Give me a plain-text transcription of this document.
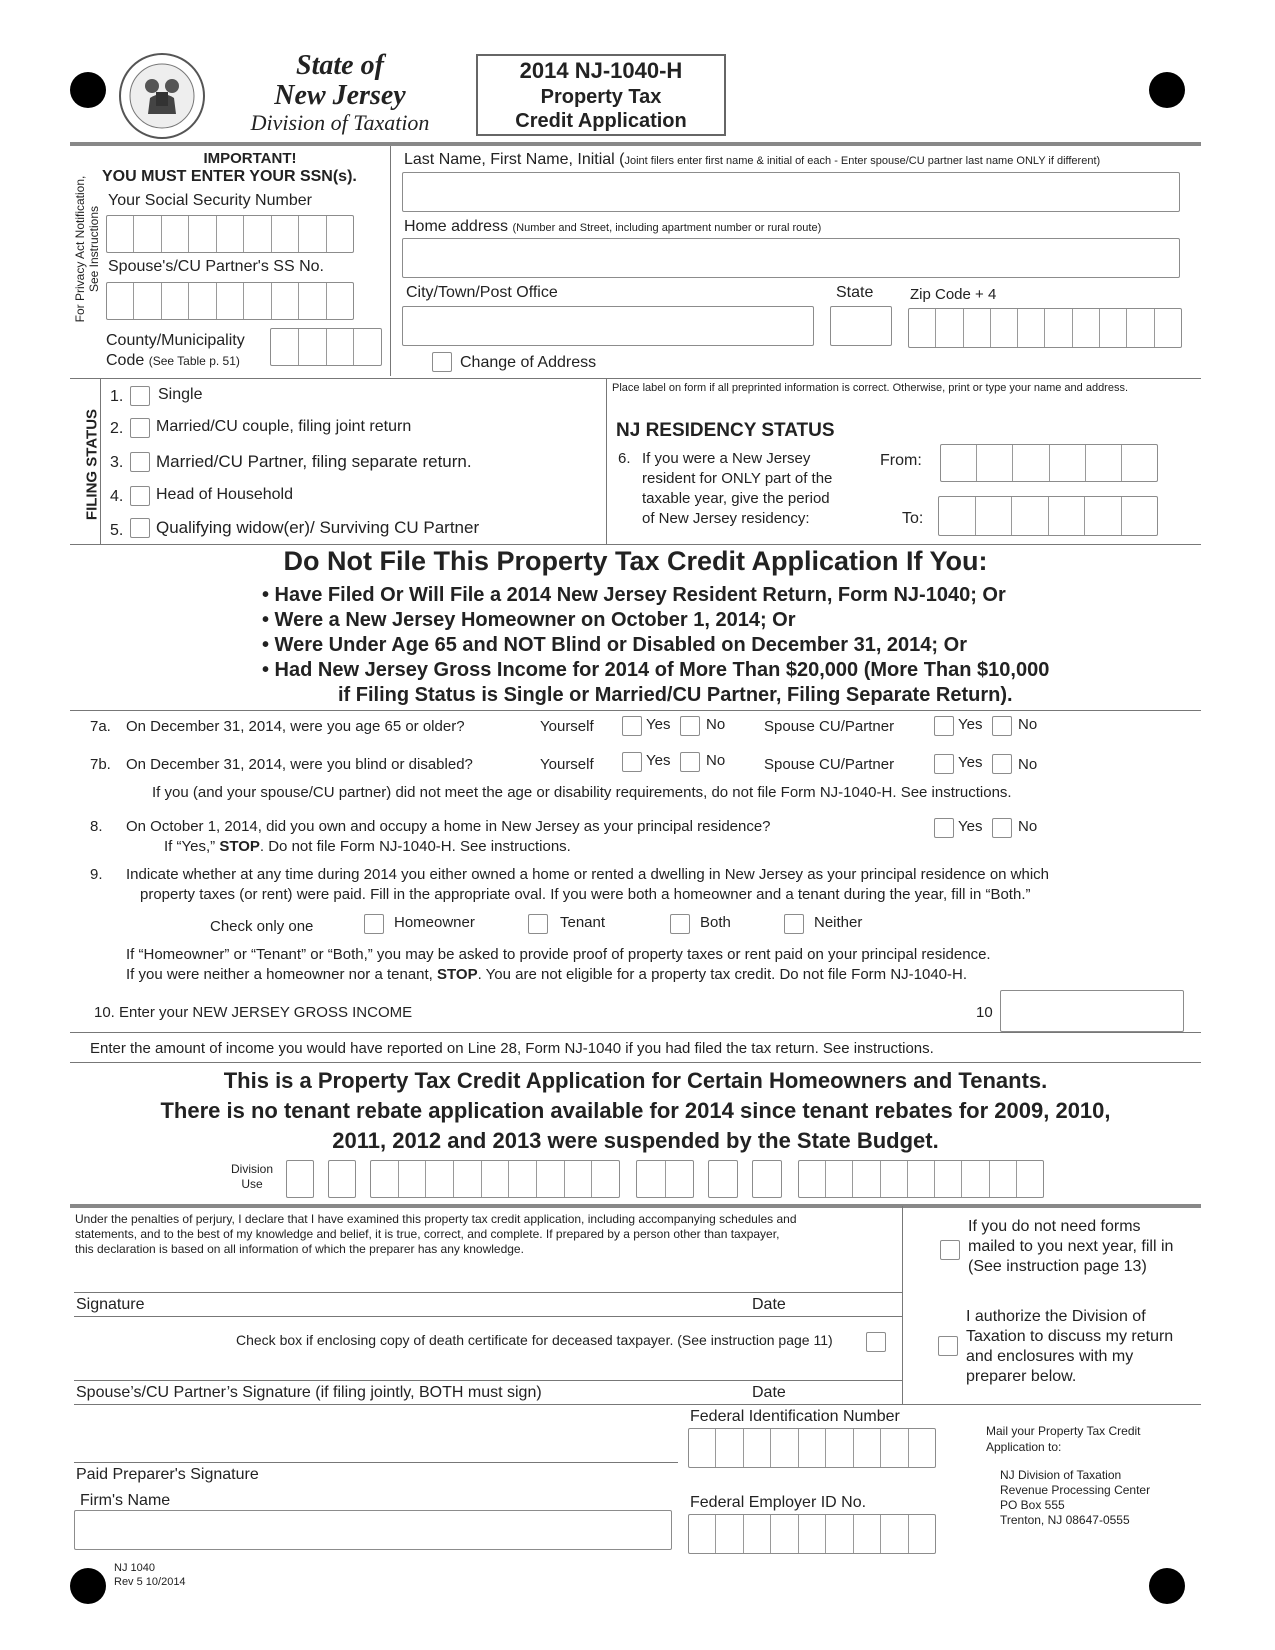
State of
New Jersey
Division of Taxation
2014 NJ-1040-H
Property Tax
Credit Application
For Privacy Act Notification, See Instructions
IMPORTANT!
YOU MUST ENTER YOUR SSN(s).
Your Social Security Number
Spouse's/CU Partner's SS No.
County/Municipality
Code (See Table p. 51)
Last Name, First Name, Initial (Joint filers enter first name & initial of each - Enter spouse/CU partner last name ONLY if different)
Home address (Number and Street, including apartment number or rural route)
City/Town/Post Office	State Zip Code + 4
Change of Address
Place label on form if all preprinted information is correct. Otherwise, print or type your name and address.
FILING STATUS
1. Single
2. Married/CU couple, filing joint return
3. Married/CU Partner, filing separate return.
4. Head of Household
5. Qualifying widow(er)/ Surviving CU Partner
NJ RESIDENCY STATUS
6. If you were a New Jersey
resident for ONLY part of the
taxable year, give the period
of New Jersey residency:
From:
To:
Do Not File This Property Tax Credit Application If You:
• Have Filed Or Will File a 2014 New Jersey Resident Return, Form NJ-1040; Or
• Were a New Jersey Homeowner on October 1, 2014; Or
• Were Under Age 65 and NOT Blind or Disabled on December 31, 2014; Or
• Had New Jersey Gross Income for 2014 of More Than $20,000 (More Than $10,000
if Filing Status is Single or Married/CU Partner, Filing Separate Return).
7a. On December 31, 2014, were you age 65 or older?	Yourself	Yes No	Spouse CU/Partner	Yes No
7b. On December 31, 2014, were you blind or disabled?	Yourself	Yes No	Spouse CU/Partner	Yes No
If you (and your spouse/CU partner) did not meet the age or disability requirements, do not file Form NJ-1040-H. See instructions.
8. On October 1, 2014, did you own and occupy a home in New Jersey as your principal residence?
If “Yes,” STOP. Do not file Form NJ-1040-H. See instructions.
Yes No
9. Indicate whether at any time during 2014 you either owned a home or rented a dwelling in New Jersey as your principal residence on which
property taxes (or rent) were paid. Fill in the appropriate oval. If you were both a homeowner and a tenant during the year, fill in “Both.”
Check only one	Homeowner	Tenant	Both	Neither
If “Homeowner” or “Tenant” or “Both,” you may be asked to provide proof of property taxes or rent paid on your principal residence.
If you were neither a homeowner nor a tenant, STOP. You are not eligible for a property tax credit. Do not file Form NJ-1040-H.
10. Enter your NEW JERSEY GROSS INCOME	10
Enter the amount of income you would have reported on Line 28, Form NJ-1040 if you had filed the tax return. See instructions.
This is a Property Tax Credit Application for Certain Homeowners and Tenants.
There is no tenant rebate application available for 2014 since tenant rebates for 2009, 2010,
2011, 2012 and 2013 were suspended by the State Budget.
Division
Use
Under the penalties of perjury, I declare that I have examined this property tax credit application, including accompanying schedules and
statements, and to the best of my knowledge and belief, it is true, correct, and complete. If prepared by a person other than taxpayer,
this declaration is based on all information of which the preparer has any knowledge.
Signature	Date
Check box if enclosing copy of death certificate for deceased taxpayer. (See instruction page 11)
Spouse’s/CU Partner’s Signature (if filing jointly, BOTH must sign)	Date
If you do not need forms
mailed to you next year, fill in
(See instruction page 13)
I authorize the Division of
Taxation to discuss my return
and enclosures with my
preparer below.
Federal Identification Number
Paid Preparer's Signature
Firm's Name	Federal Employer ID No.
Mail your Property Tax Credit
Application to:
NJ Division of Taxation
Revenue Processing Center
PO Box 555
Trenton, NJ 08647-0555
NJ 1040
Rev 5 10/2014
